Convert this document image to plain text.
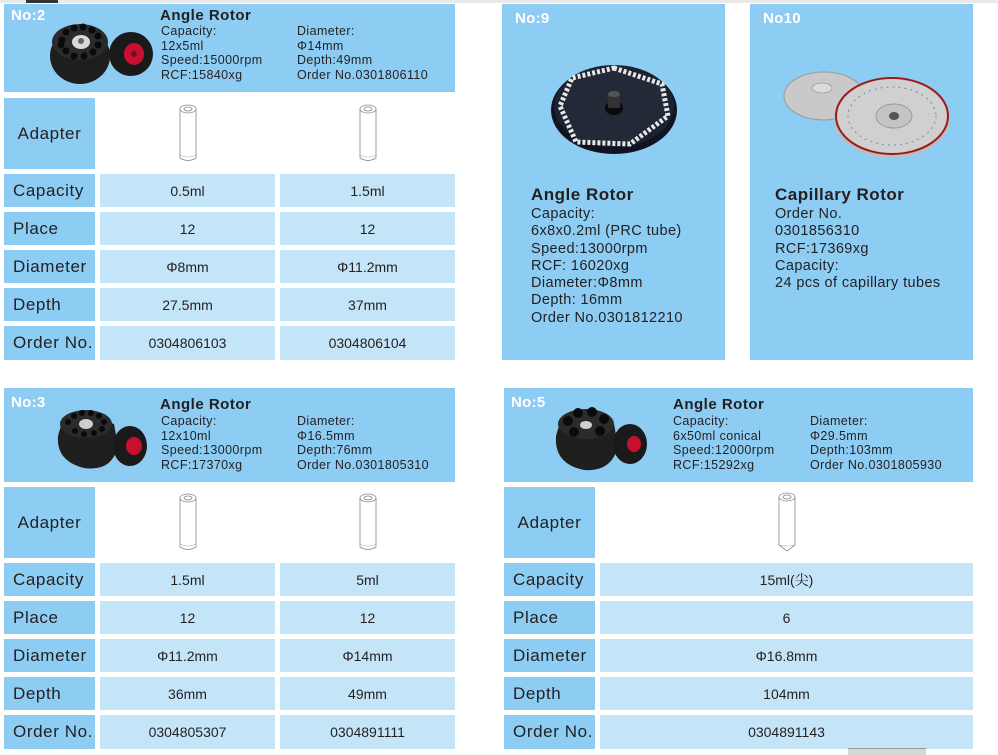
No:2	Angle Rotor
Capacity:
12x5ml
Speed:15000rpm
RCF:15840xg
Diameter:
Φ14mm
Depth:49mm
Order No.0301806110
Adapter
Capacity	0.5ml	1.5ml
Place	12	12
Diameter	Φ8mm	Φ11.2mm
Depth	27.5mm	37mm
Order No.	0304806103	0304806104
No:9
Angle Rotor
Capacity:
6x8x0.2ml (PRC tube)
Speed:13000rpm
RCF: 16020xg
Diameter:Φ8mm
Depth: 16mm
Order No.0301812210
No10
Capillary Rotor
Order No.
0301856310
RCF:17369xg
Capacity:
24 pcs of capillary tubes
No:3	Angle Rotor
Capacity:
12x10ml
Speed:13000rpm
RCF:17370xg
Diameter:
Φ16.5mm
Depth:76mm
Order No.0301805310
Adapter
Capacity	1.5ml	5ml
Place	12	12
Diameter	Φ11.2mm	Φ14mm
Depth	36mm	49mm
Order No.	0304805307	0304891111
No:5	Angle Rotor
Capacity:
6x50ml conical
Speed:12000rpm
RCF:15292xg
Diameter:
Φ29.5mm
Depth:103mm
Order No.0301805930
Adapter
Capacity	15ml(尖)
Place	6
Diameter	Φ16.8mm
Depth	104mm
Order No.	0304891143
